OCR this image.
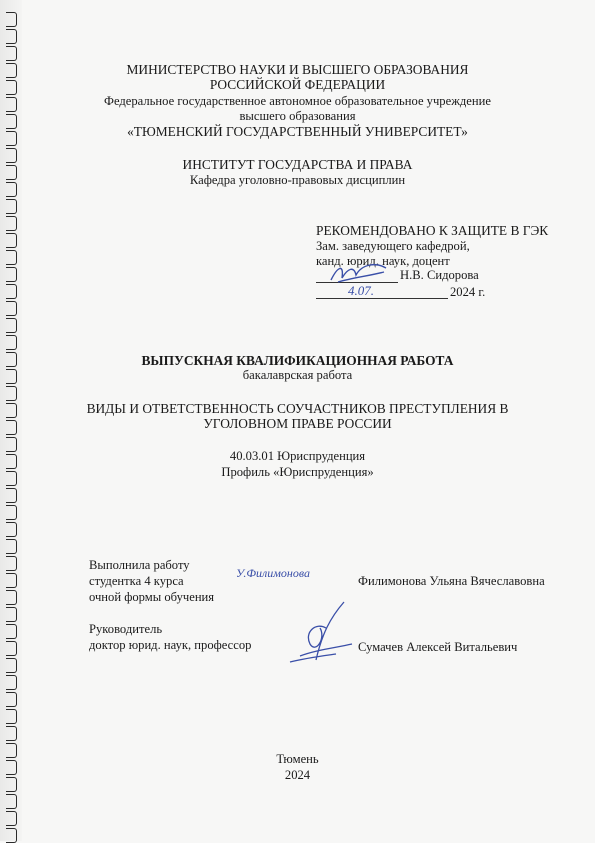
МИНИСТЕРСТВО НАУКИ И ВЫСШЕГО ОБРАЗОВАНИЯ
РОССИЙСКОЙ ФЕДЕРАЦИИ
Федеральное государственное автономное образовательное учреждение
высшего образования
«ТЮМЕНСКИЙ ГОСУДАРСТВЕННЫЙ УНИВЕРСИТЕТ»
ИНСТИТУТ ГОСУДАРСТВА И ПРАВА
Кафедра уголовно-правовых дисциплин
РЕКОМЕНДОВАНО К ЗАЩИТЕ В ГЭК
Зам. заведующего кафедрой,
канд. юрид. наук, доцент
Н.В. Сидорова
4.07.	2024 г.
ВЫПУСКНАЯ КВАЛИФИКАЦИОННАЯ РАБОТА
бакалаврская работа
ВИДЫ И ОТВЕТСТВЕННОСТЬ СОУЧАСТНИКОВ ПРЕСТУПЛЕНИЯ В
УГОЛОВНОМ ПРАВЕ РОССИИ
40.03.01 Юриспруденция
Профиль «Юриспруденция»
Выполнила работу
студентка 4 курса
очной формы обучения
У.Филимонова
Филимонова Ульяна Вячеславовна
Руководитель
доктор юрид. наук, профессор	Сумачев Алексей Витальевич
Тюмень
2024
